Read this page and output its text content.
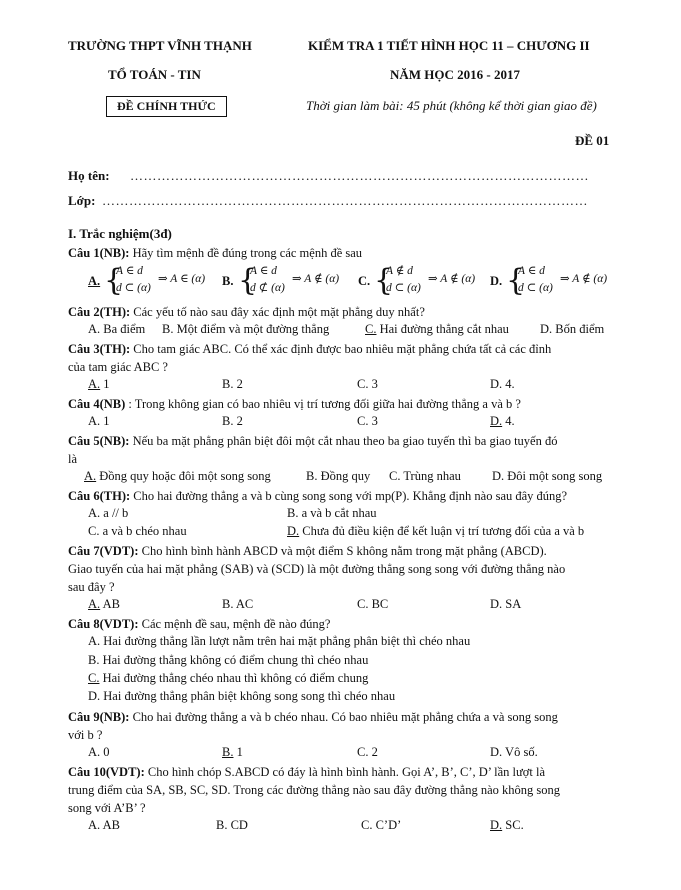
TRƯỜNG THPT VĨNH THẠNH	KIỂM TRA 1 TIẾT HÌNH HỌC 11 – CHƯƠNG II
TỔ TOÁN - TIN	NĂM HỌC 2016 - 2017
ĐỀ CHÍNH THỨC	Thời gian làm bài: 45 phút (không kể thời gian giao đề)
ĐỀ 01
Họ tên: …………………………………………………………………………………………
Lớp: ………………………………………………………………………………………………
I. Trắc nghiệm(3đ)
Câu 1(NB): Hãy tìm mệnh đề đúng trong các mệnh đề sau
A. {
A ∈ d
d ⊂ (α)
⇒ A ∈ (α) B. {
A ∈ d
d ⊄ (α)
⇒ A ∉ (α) C. {
A ∉ d
d ⊂ (α)
⇒ A ∉ (α) D. {
A ∈ d
d ⊂ (α)
⇒ A ∉ (α)
Câu 2(TH): Các yếu tố nào sau đây xác định một mặt phẳng duy nhất?
A. Ba điểm B. Một điểm và một đường thẳng	C. Hai đường thẳng cắt nhau D. Bốn điểm
Câu 3(TH): Cho tam giác ABC. Có thể xác định được bao nhiêu mặt phẳng chứa tất cả các đỉnh
của tam giác ABC ?
A. 1	B. 2	C. 3	D. 4.
Câu 4(NB) : Trong không gian có bao nhiêu vị trí tương đối giữa hai đường thẳng a và b ?
A. 1	B. 2	C. 3	D. 4.
Câu 5(NB): Nếu ba mặt phẳng phân biệt đôi một cắt nhau theo ba giao tuyến thì ba giao tuyến đó
là
A. Đồng quy hoặc đôi một song song	B. Đồng quy C. Trùng nhau D. Đôi một song song
Câu 6(TH): Cho hai đường thẳng a và b cùng song song với mp(P). Khẳng định nào sau đây đúng?
A. a // b	B. a và b cắt nhau
C. a và b chéo nhau	D. Chưa đủ điều kiện để kết luận vị trí tương đối của a và b
Câu 7(VDT): Cho hình bình hành ABCD và một điểm S không nằm trong mặt phẳng (ABCD).
Giao tuyến của hai mặt phẳng (SAB) và (SCD) là một đường thẳng song song với đường thẳng nào
sau đây ?
A. AB	B. AC	C. BC	D. SA
Câu 8(VDT): Các mệnh đề sau, mệnh đề nào đúng?
A. Hai đường thẳng lần lượt nằm trên hai mặt phẳng phân biệt thì chéo nhau
B. Hai đường thẳng không có điểm chung thì chéo nhau
C. Hai đường thẳng chéo nhau thì không có điểm chung
D. Hai đường thẳng phân biệt không song song thì chéo nhau
Câu 9(NB): Cho hai đường thẳng a và b chéo nhau. Có bao nhiêu mặt phẳng chứa a và song song
với b ?
A. 0	B. 1	C. 2	D. Vô số.
Câu 10(VDT): Cho hình chóp S.ABCD có đáy là hình bình hành. Gọi A’, B’, C’, D’ lần lượt là
trung điểm của SA, SB, SC, SD. Trong các đường thẳng nào sau đây đường thẳng nào không song
song với A’B’ ?
A. AB	B. CD	C. C’D’	D. SC.
